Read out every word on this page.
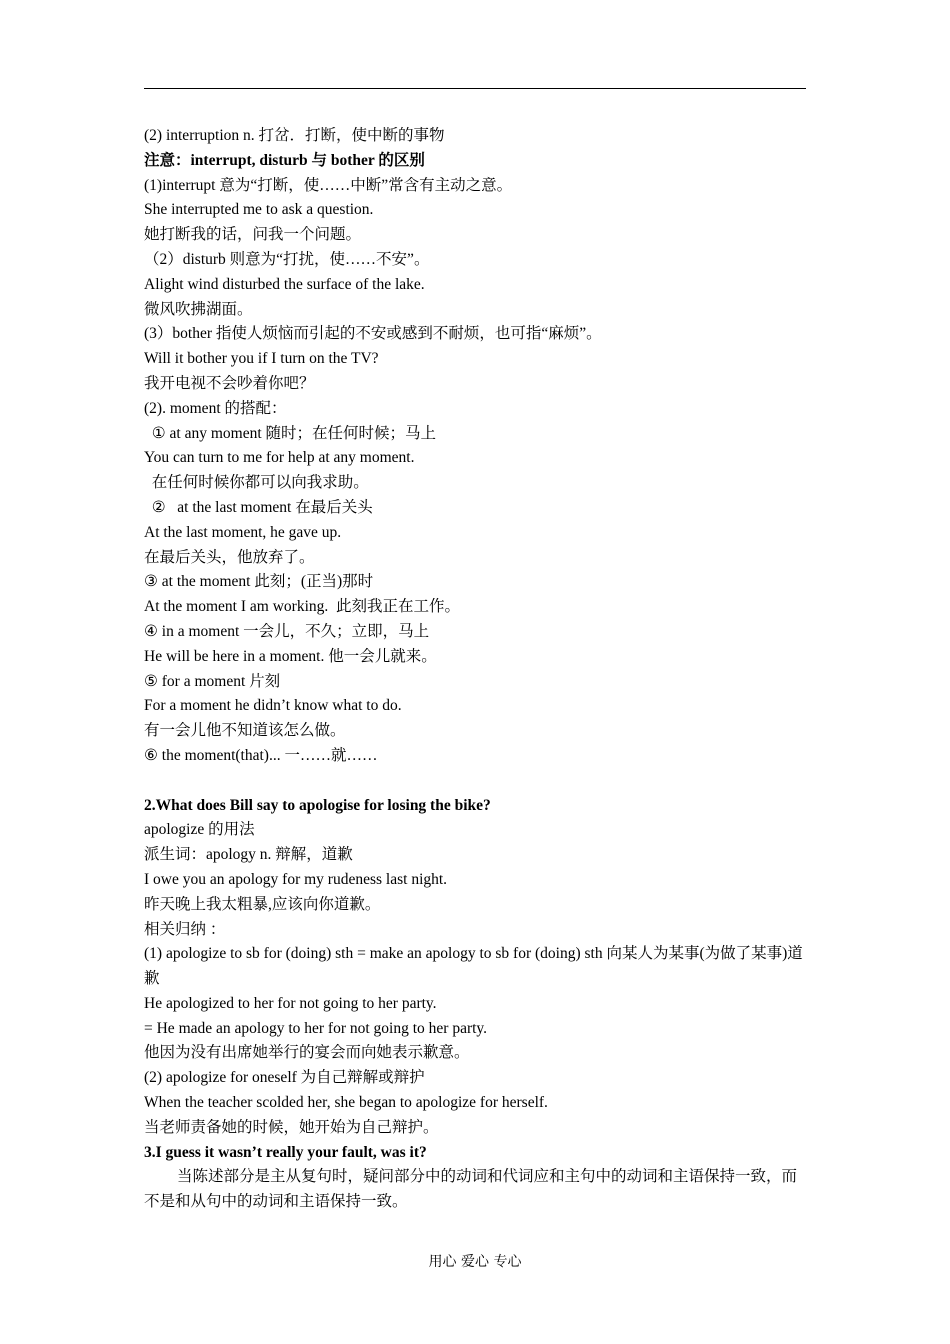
(2) interruption n. 打岔．打断，使中断的事物
注意：interrupt, disturb 与 bother 的区别
(1)interrupt 意为“打断，使……中断”常含有主动之意。
She interrupted me to ask a question.
她打断我的话，问我一个问题。
（2）disturb 则意为“打扰，使……不安”。
Alight wind disturbed the surface of the lake.
微风吹拂湖面。
(3）bother 指使人烦恼而引起的不安或感到不耐烦，也可指“麻烦”。
Will it bother you if I turn on the TV?
我开电视不会吵着你吧？
(2). moment 的搭配：
① at any moment 随时；在任何时候；马上
You can turn to me for help at any moment.
在任何时候你都可以向我求助。
②   at the last moment 在最后关头
At the last moment, he gave up.
在最后关头，他放弃了。
③ at the moment 此刻；(正当)那时
At the moment I am working.  此刻我正在工作。
④ in a moment 一会儿，不久；立即，马上
He will be here in a moment. 他一会儿就来。
⑤ for a moment 片刻
For a moment he didn’t know what to do.
有一会儿他不知道该怎么做。
⑥ the moment(that)... 一……就……
2.What does Bill say to apologise for losing the bike?
apologize 的用法
派生词：apology n. 辩解，道歉
I owe you an apology for my rudeness last night.
昨天晚上我太粗暴,应该向你道歉。
相关归纳 ：
(1) apologize to sb for (doing) sth = make an apology to sb for (doing) sth 向某人为某事(为做了某事)道歉
He apologized to her for not going to her party.
= He made an apology to her for not going to her party.
他因为没有出席她举行的宴会而向她表示歉意。
(2) apologize for oneself 为自己辩解或辩护
When the teacher scolded her, she began to apologize for herself.
当老师责备她的时候，她开始为自己辩护。
3.I guess it wasn’t really your fault, was it?
当陈述部分是主从复句时，疑问部分中的动词和代词应和主句中的动词和主语保持一致，而不是和从句中的动词和主语保持一致。
用心 爱心 专心
